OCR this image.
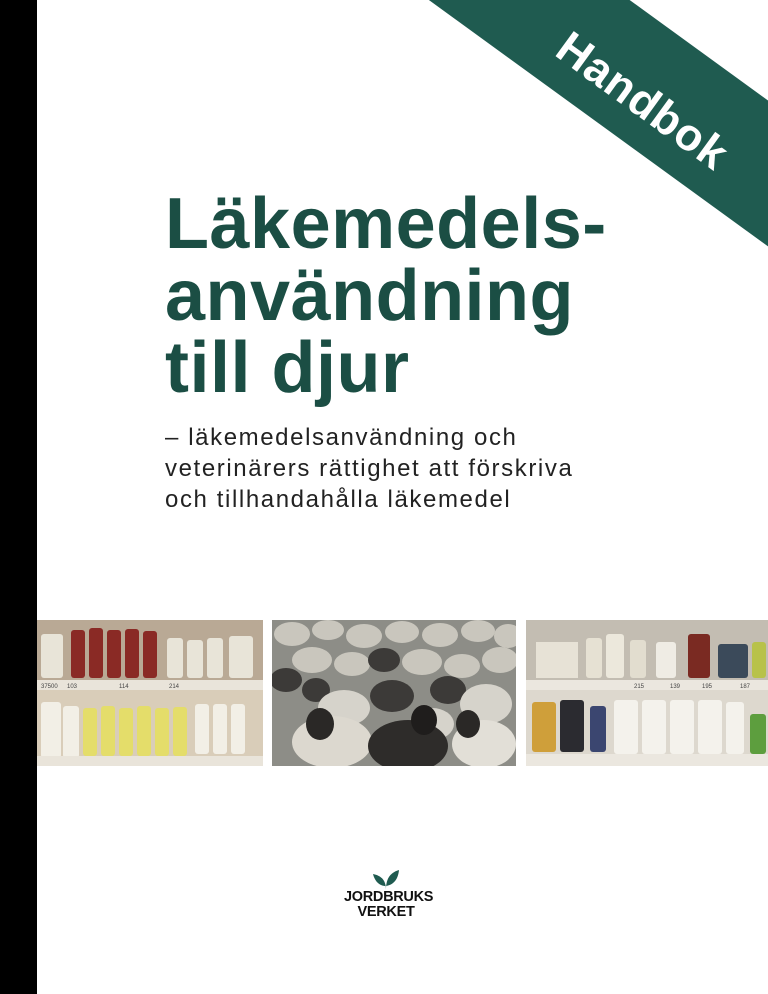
Handbok
Läkemedels-
användning
till djur

– läkemedelsanvändning och
veterinärers rättighet att förskriva
och tillhandahålla läkemedel

37500 103	114	214	215	139	195	187
JORDBRUKS
VERKET
